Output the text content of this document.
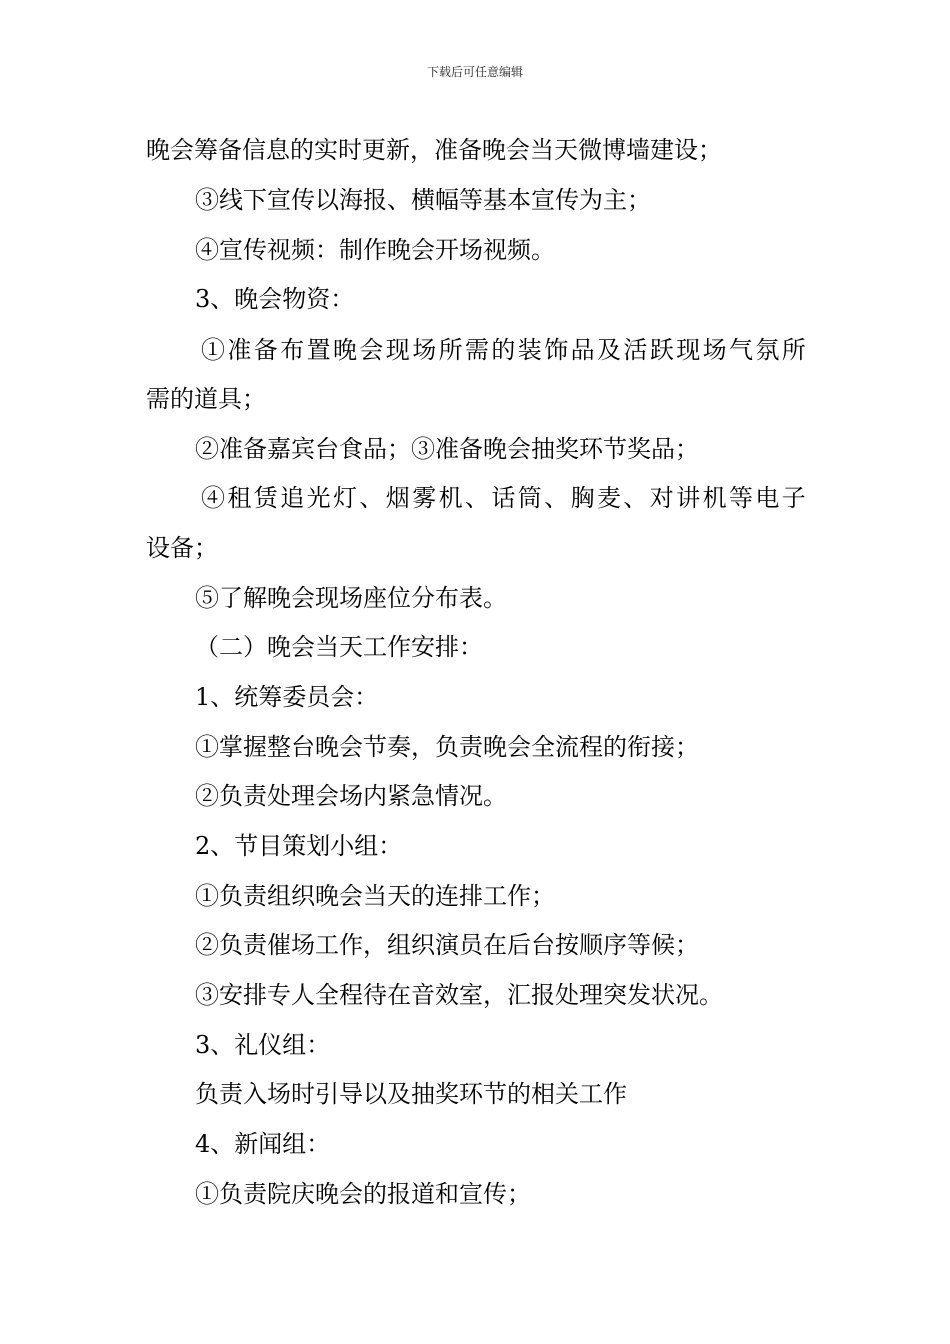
下载后可任意编辑
晚会筹备信息的实时更新，准备晚会当天微博墙建设；
③线下宣传以海报、横幅等基本宣传为主；
④宣传视频：制作晚会开场视频。
3、晚会物资：
①准备布置晚会现场所需的装饰品及活跃现场气氛所
需的道具；
②准备嘉宾台食品；③准备晚会抽奖环节奖品；
④租赁追光灯、烟雾机、话筒、胸麦、对讲机等电子
设备；
⑤了解晚会现场座位分布表。
（二）晚会当天工作安排：
1、统筹委员会：
①掌握整台晚会节奏，负责晚会全流程的衔接；
②负责处理会场内紧急情况。
2、节目策划小组：
①负责组织晚会当天的连排工作；
②负责催场工作，组织演员在后台按顺序等候；
③安排专人全程待在音效室，汇报处理突发状况。
3、礼仪组：
负责入场时引导以及抽奖环节的相关工作
4、新闻组：
①负责院庆晚会的报道和宣传；
